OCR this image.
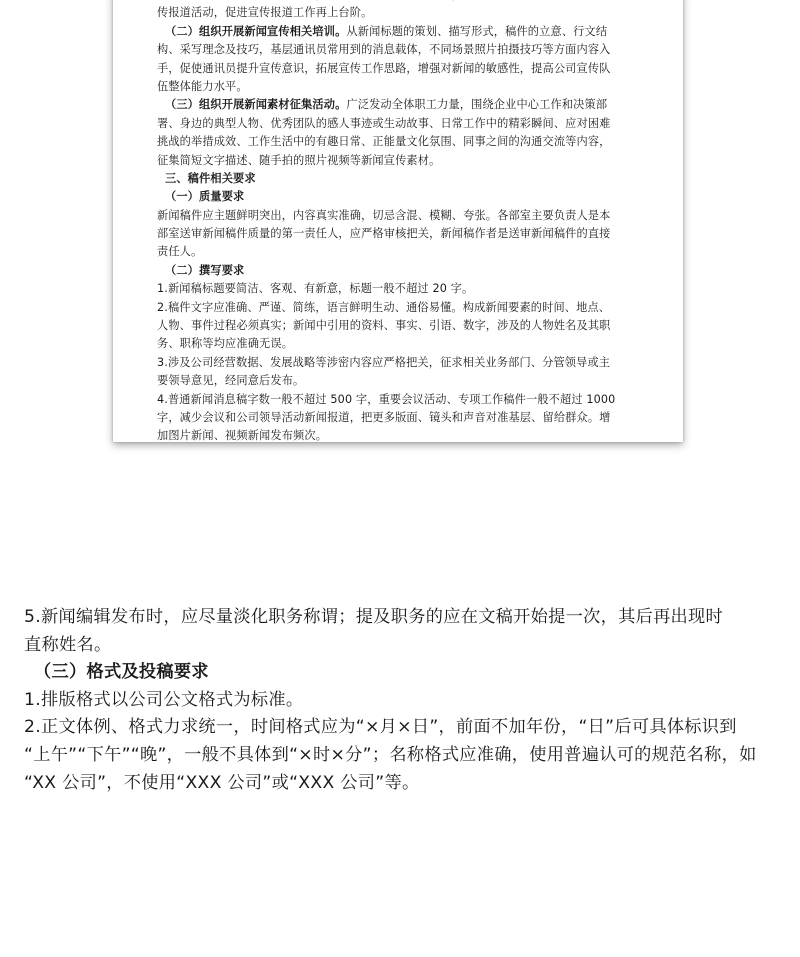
传报道活动，促进宣传报道工作再上台阶。
（二）组织开展新闻宣传相关培训。从新闻标题的策划、描写形式，稿件的立意、行文结
构、采写理念及技巧，基层通讯员常用到的消息载体，不同场景照片拍摄技巧等方面内容入
手，促使通讯员提升宣传意识，拓展宣传工作思路，增强对新闻的敏感性，提高公司宣传队
伍整体能力水平。
（三）组织开展新闻素材征集活动。广泛发动全体职工力量，围绕企业中心工作和决策部
署、身边的典型人物、优秀团队的感人事迹或生动故事、日常工作中的精彩瞬间、应对困难
挑战的举措成效、工作生活中的有趣日常、正能量文化氛围、同事之间的沟通交流等内容，
征集简短文字描述、随手拍的照片视频等新闻宣传素材。
三、稿件相关要求
（一）质量要求
新闻稿件应主题鲜明突出，内容真实准确，切忌含混、模糊、夸张。各部室主要负责人是本
部室送审新闻稿件质量的第一责任人，应严格审核把关，新闻稿作者是送审新闻稿件的直接
责任人。
（二）撰写要求
1.新闻稿标题要简洁、客观、有新意，标题一般不超过 20 字。
2.稿件文字应准确、严谨、简练，语言鲜明生动、通俗易懂。构成新闻要素的时间、地点、
人物、事件过程必须真实；新闻中引用的资料、事实、引语、数字，涉及的人物姓名及其职
务、职称等均应准确无误。
3.涉及公司经营数据、发展战略等涉密内容应严格把关，征求相关业务部门、分管领导或主
要领导意见，经同意后发布。
4.普通新闻消息稿字数一般不超过 500 字，重要会议活动、专项工作稿件一般不超过 1000
字，减少会议和公司领导活动新闻报道，把更多版面、镜头和声音对准基层、留给群众。增
加图片新闻、视频新闻发布频次。
5.新闻编辑发布时，应尽量淡化职务称谓；提及职务的应在文稿开始提一次，其后再出现时
直称姓名。
（三）格式及投稿要求
1.排版格式以公司公文格式为标准。
2.正文体例、格式力求统一，时间格式应为“×月×日”，前面不加年份，“日”后可具体标识到
“上午”“下午”“晚”，一般不具体到“×时×分”；名称格式应准确，使用普遍认可的规范名称，如
“XX 公司”，不使用“XXX 公司”或“XXX 公司”等。
